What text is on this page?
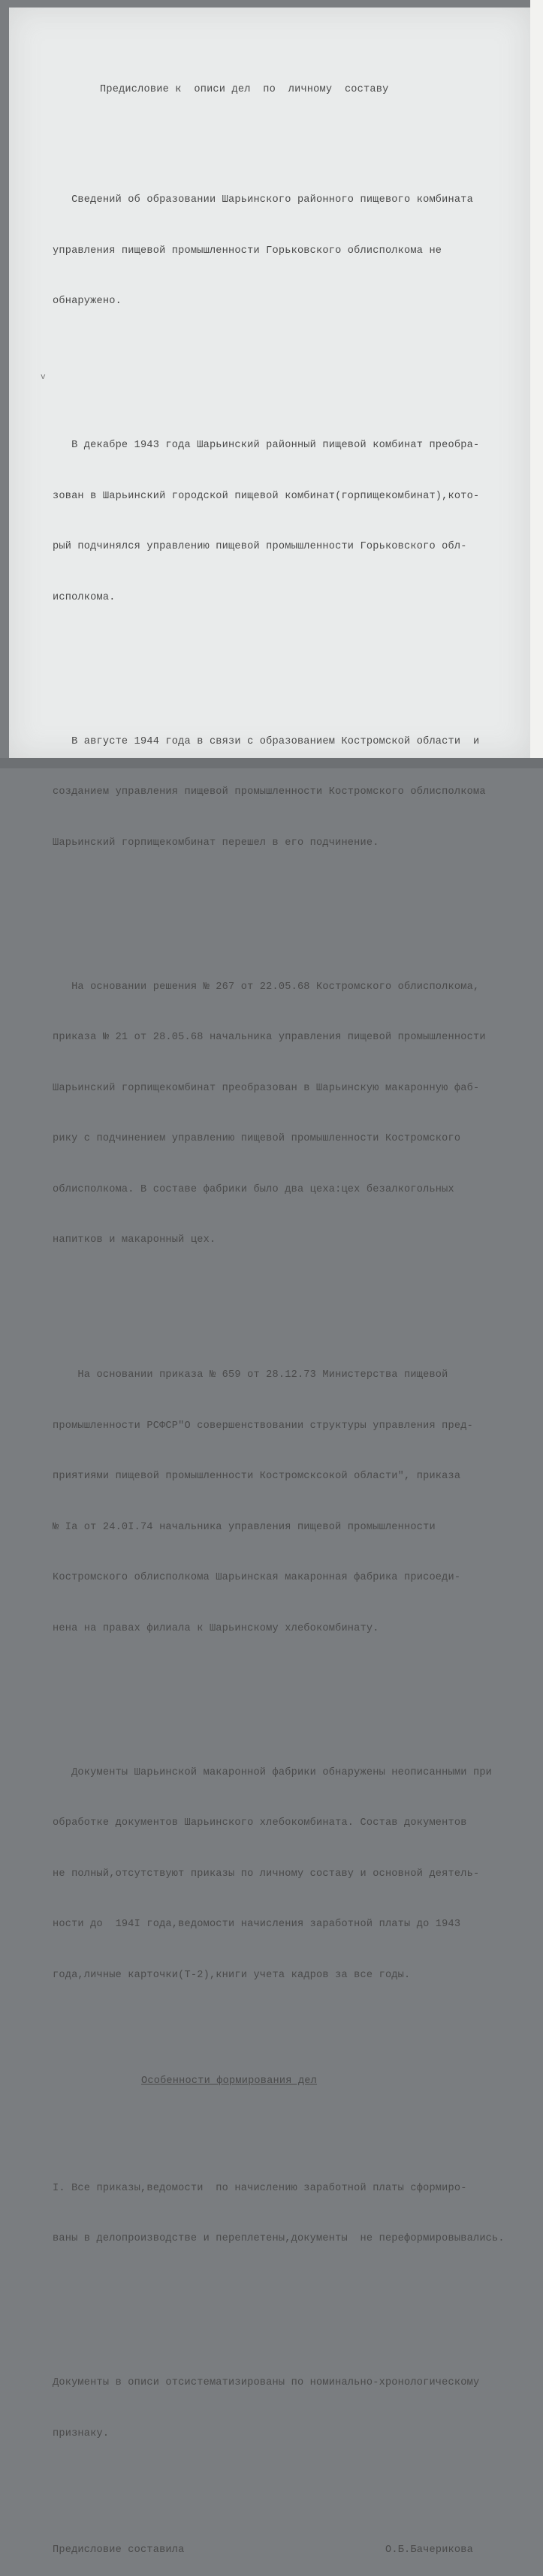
v

Предисловие к  описи дел  по  личному  составу

Сведений об образовании Шарьинского районного пищевого комбината

управления пищевой промышленности Горьковского облисполкома не

обнаружено.

В декабре 1943 года Шарьинский районный пищевой комбинат преобра-

зован в Шарьинский городской пищевой комбинат(горпищекомбинат),кото-

рый подчинялся управлению пищевой промышленности Горьковского обл-

исполкома.

В августе 1944 года в связи с образованием Костромской области  и

созданием управления пищевой промышленности Костромского облисполкома

Шарьинский горпищекомбинат перешел в его подчинение.

На основании решения № 267 от 22.05.68 Костромского облисполкома,

приказа № 21 от 28.05.68 начальника управления пищевой промышленности

Шарьинский горпищекомбинат преобразован в Шарьинскую макаронную фаб-

рику с подчинением управлению пищевой промышленности Костромского

облисполкома. В составе фабрики было два цеха:цех безалкогольных

напитков и макаронный цех.

На основании приказа № 659 от 28.12.73 Министерства пищевой

промышленности РСФСР"О совершенствовании структуры управления пред-

приятиями пищевой промышленности Костромсксокой области", приказа

№ Iа от 24.0I.74 начальника управления пищевой промышленности

Костромского облисполкома Шарьинская макаронная фабрика присоеди-

нена на правах филиала к Шарьинскому хлебокомбинату.

Документы Шарьинской макаронной фабрики обнаружены неописанными при

обработке документов Шарьинского хлебокомбината. Состав документов

не полный,отсутствуют приказы по личному составу и основной деятель-

ности до  194I года,ведомости начисления заработной платы до 1943

года,личные карточки(Т-2),книги учета кадров за все годы.

Особенности формирования дел

I. Все приказы,ведомости  по начислению заработной платы сформиро-

ваны в делопроизводстве и переплетены,документы  не переформировывались.

Документы в описи отсистематизированы по номинально-хронологическому

признаку.

Предисловие составила	О.Б.Бачерикова
